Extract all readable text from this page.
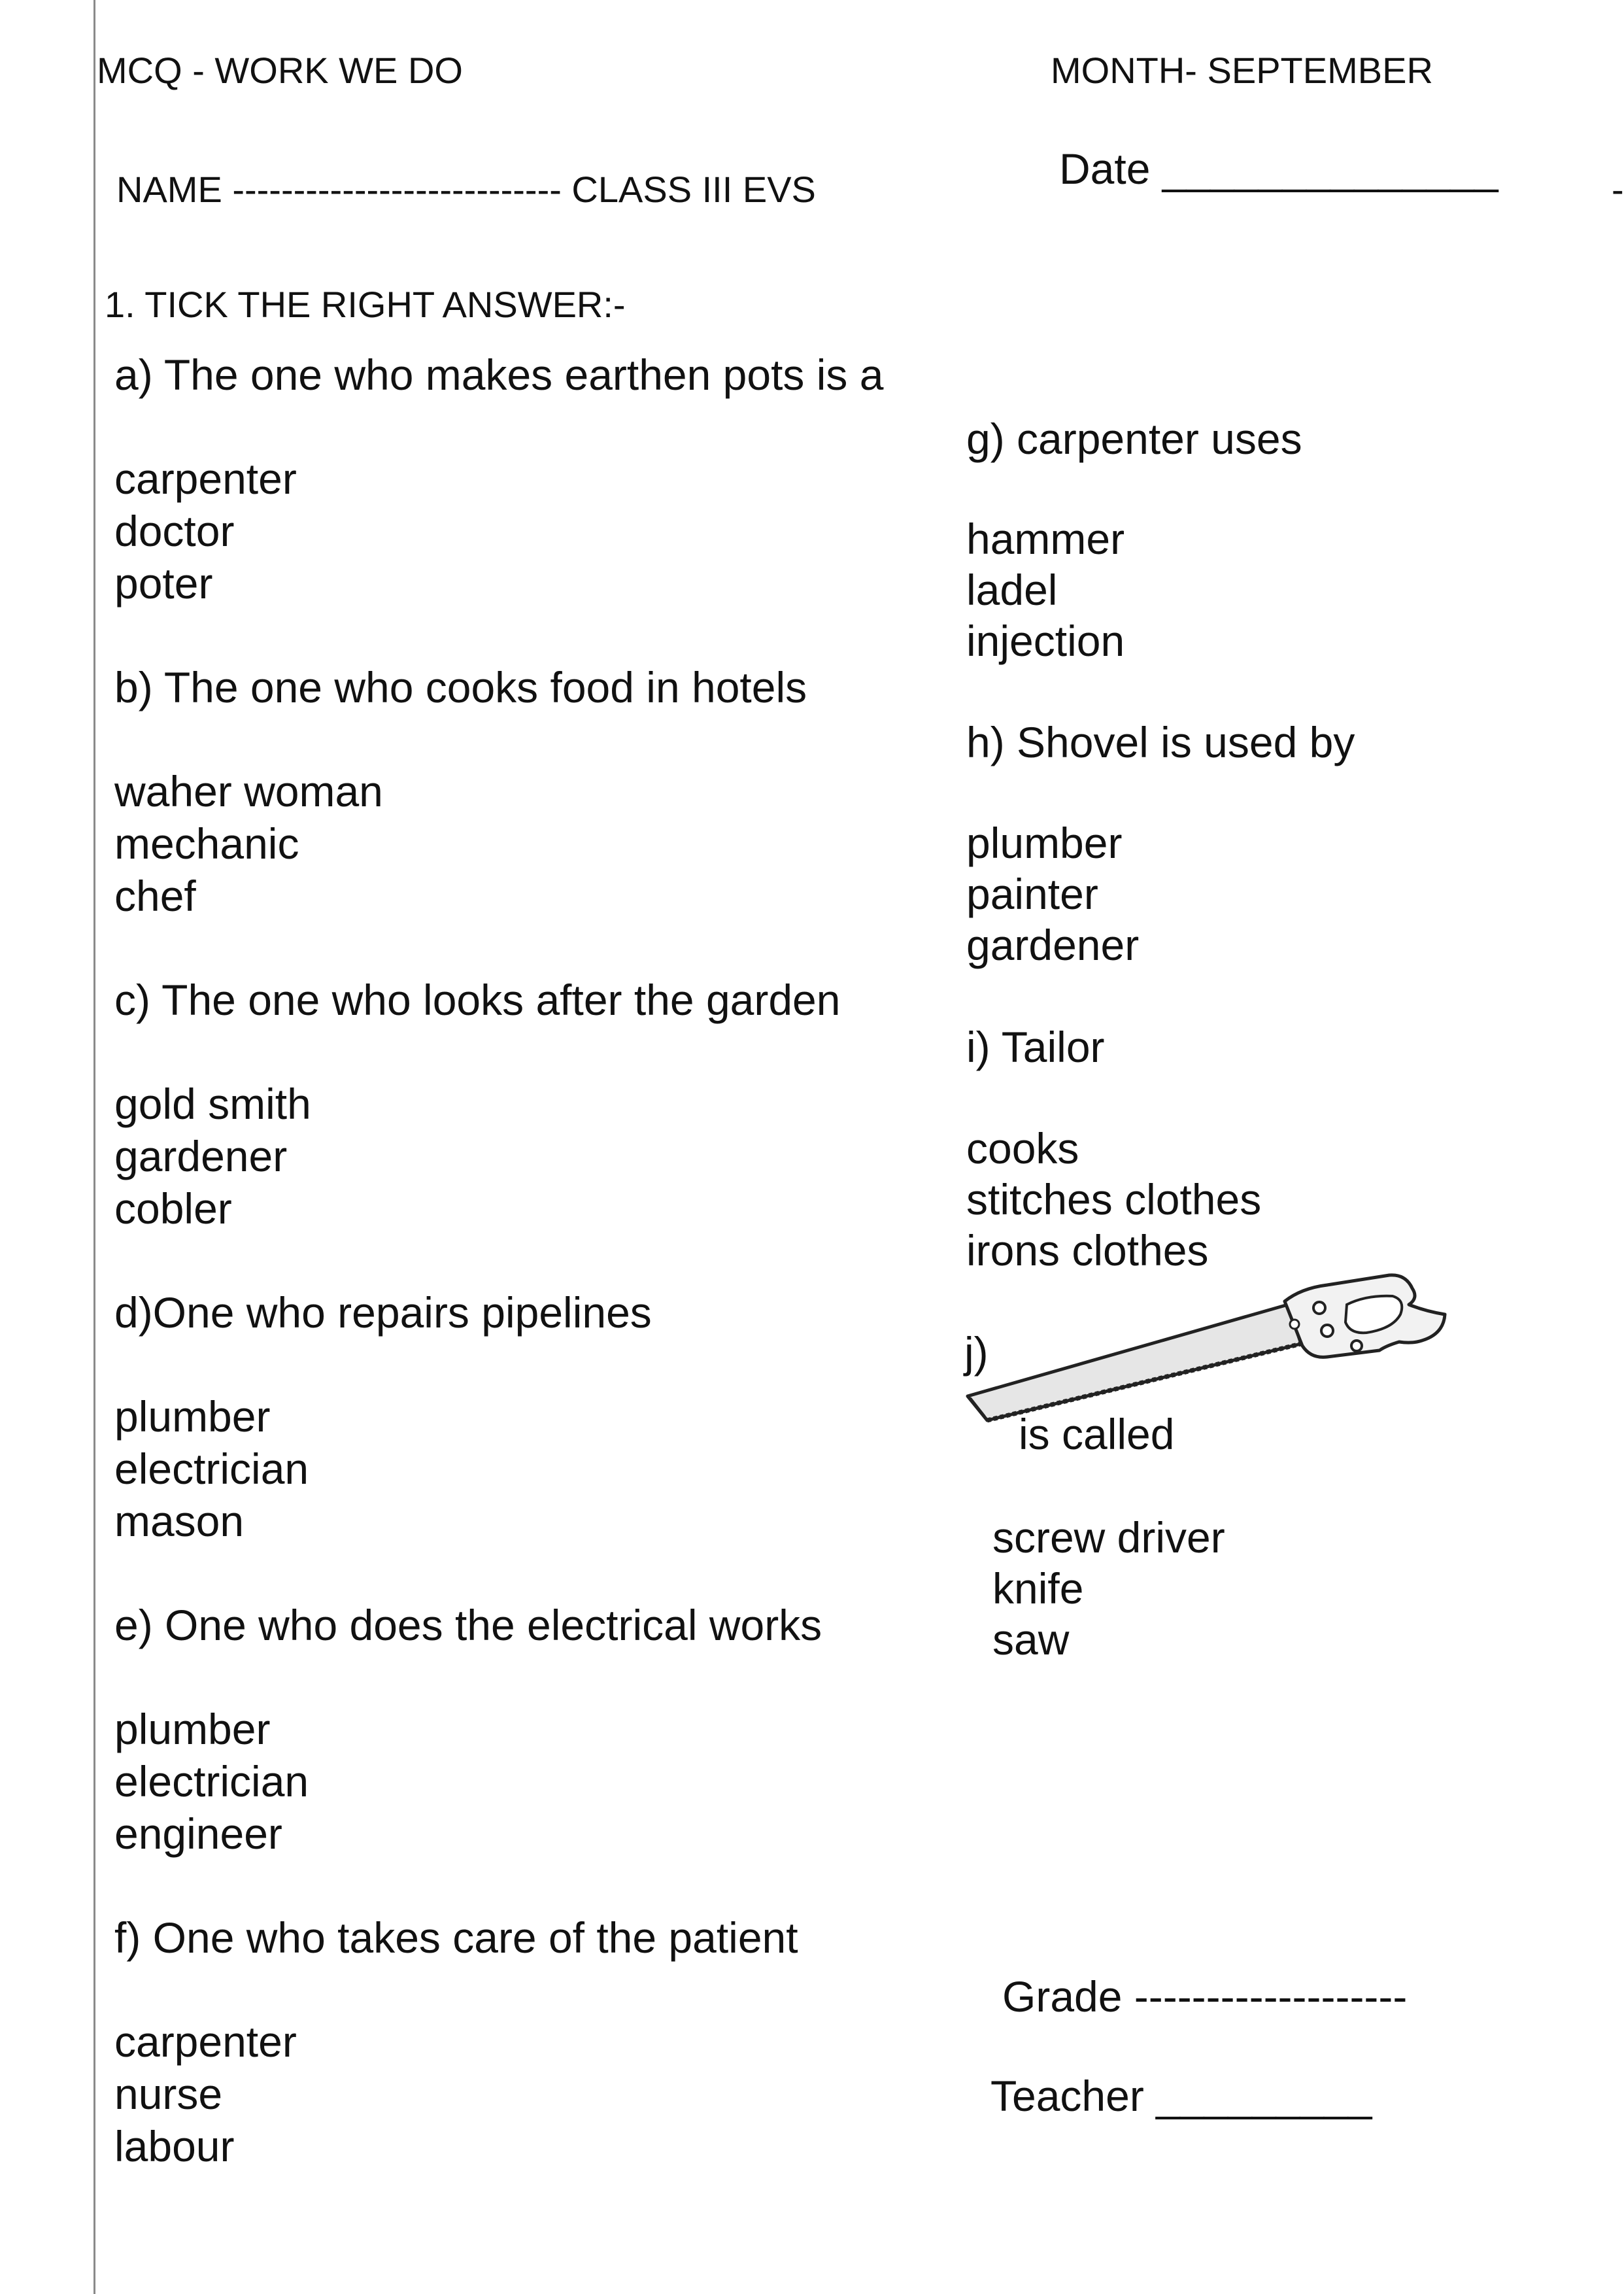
MCQ - WORK WE DO	MONTH- SEPTEMBER
NAME --------------------------- CLASS III EVS	Date ______________	-
1. TICK THE RIGHT ANSWER:-
a) The one who makes earthen pots is a
carpenter
doctor
poter
b) The one who cooks food in hotels
waher woman
mechanic
chef
c) The one who looks after the garden
gold smith
gardener
cobler
d)One who repairs pipelines
plumber
electrician
mason
e) One who does the electrical works
plumber
electrician
engineer
f) One who takes care of the patient
carpenter
nurse
labour
g) carpenter uses
hammer
ladel
injection
h) Shovel is used by
plumber
painter
gardener
i) Tailor
cooks
stitches clothes
irons clothes
j)
is called
screw driver
knife
saw
Grade -------------------
Teacher _________
